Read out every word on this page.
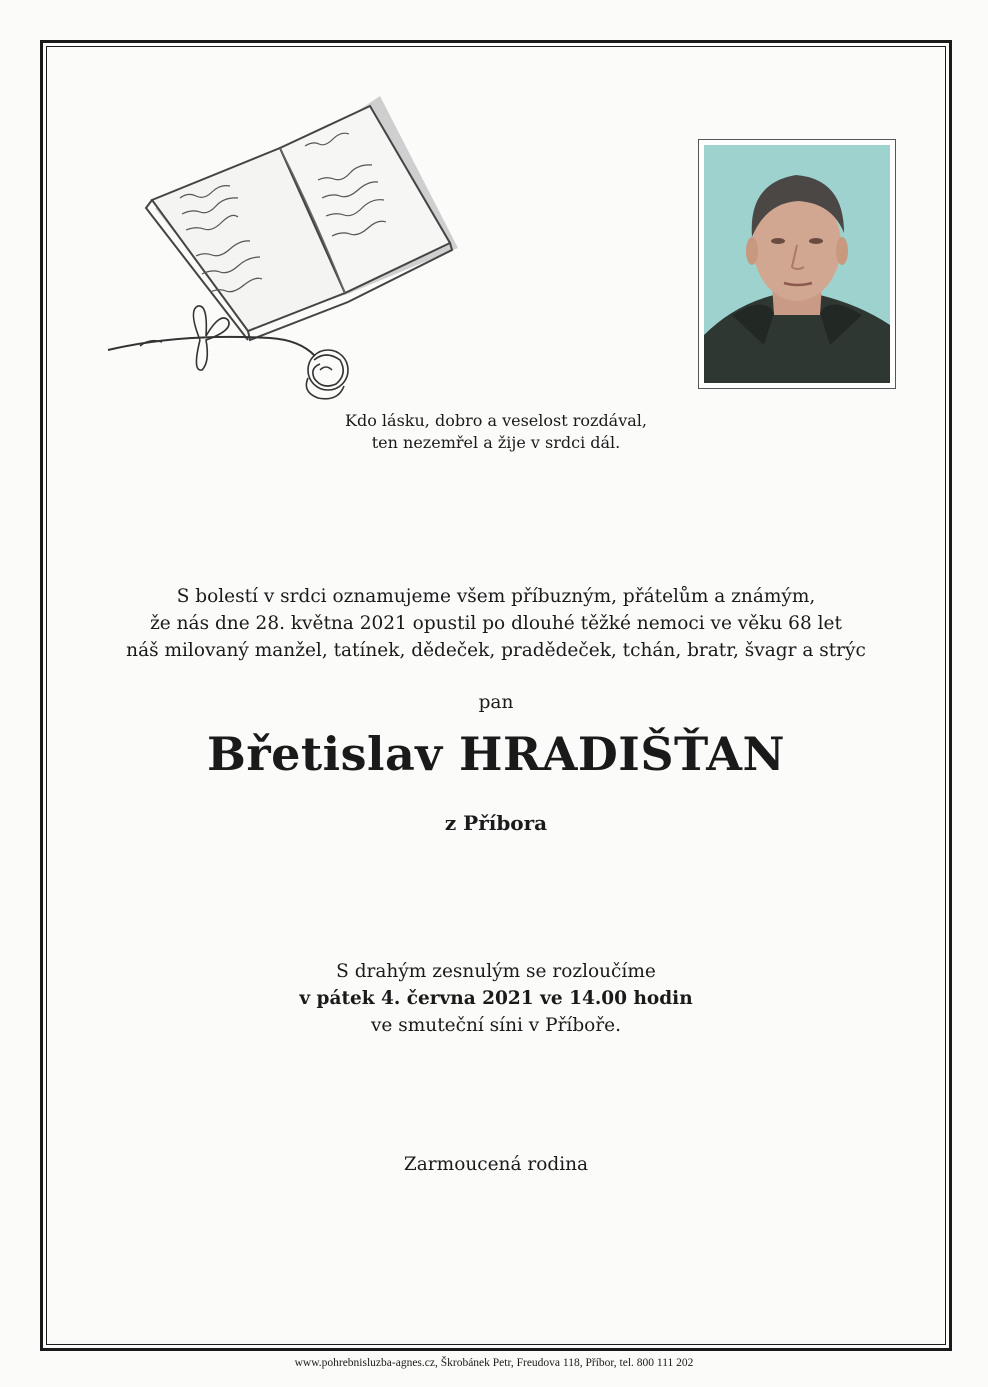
Kdo lásku, dobro a veselost rozdával,
ten nezemřel a žije v srdci dál.
S bolestí v srdci oznamujeme všem příbuzným, přátelům a známým,
že nás dne 28. května 2021 opustil po dlouhé těžké nemoci ve věku 68 let
náš milovaný manžel, tatínek, dědeček, pradědeček, tchán, bratr, švagr a strýc
pan
Břetislav HRADIŠŤAN
z Příbora
S drahým zesnulým se rozloučíme
v pátek 4. června 2021 ve 14.00 hodin
ve smuteční síni v Příboře.
Zarmoucená rodina
www.pohrebnisluzba-agnes.cz, Škrobánek Petr, Freudova 118, Příbor, tel. 800 111 202
